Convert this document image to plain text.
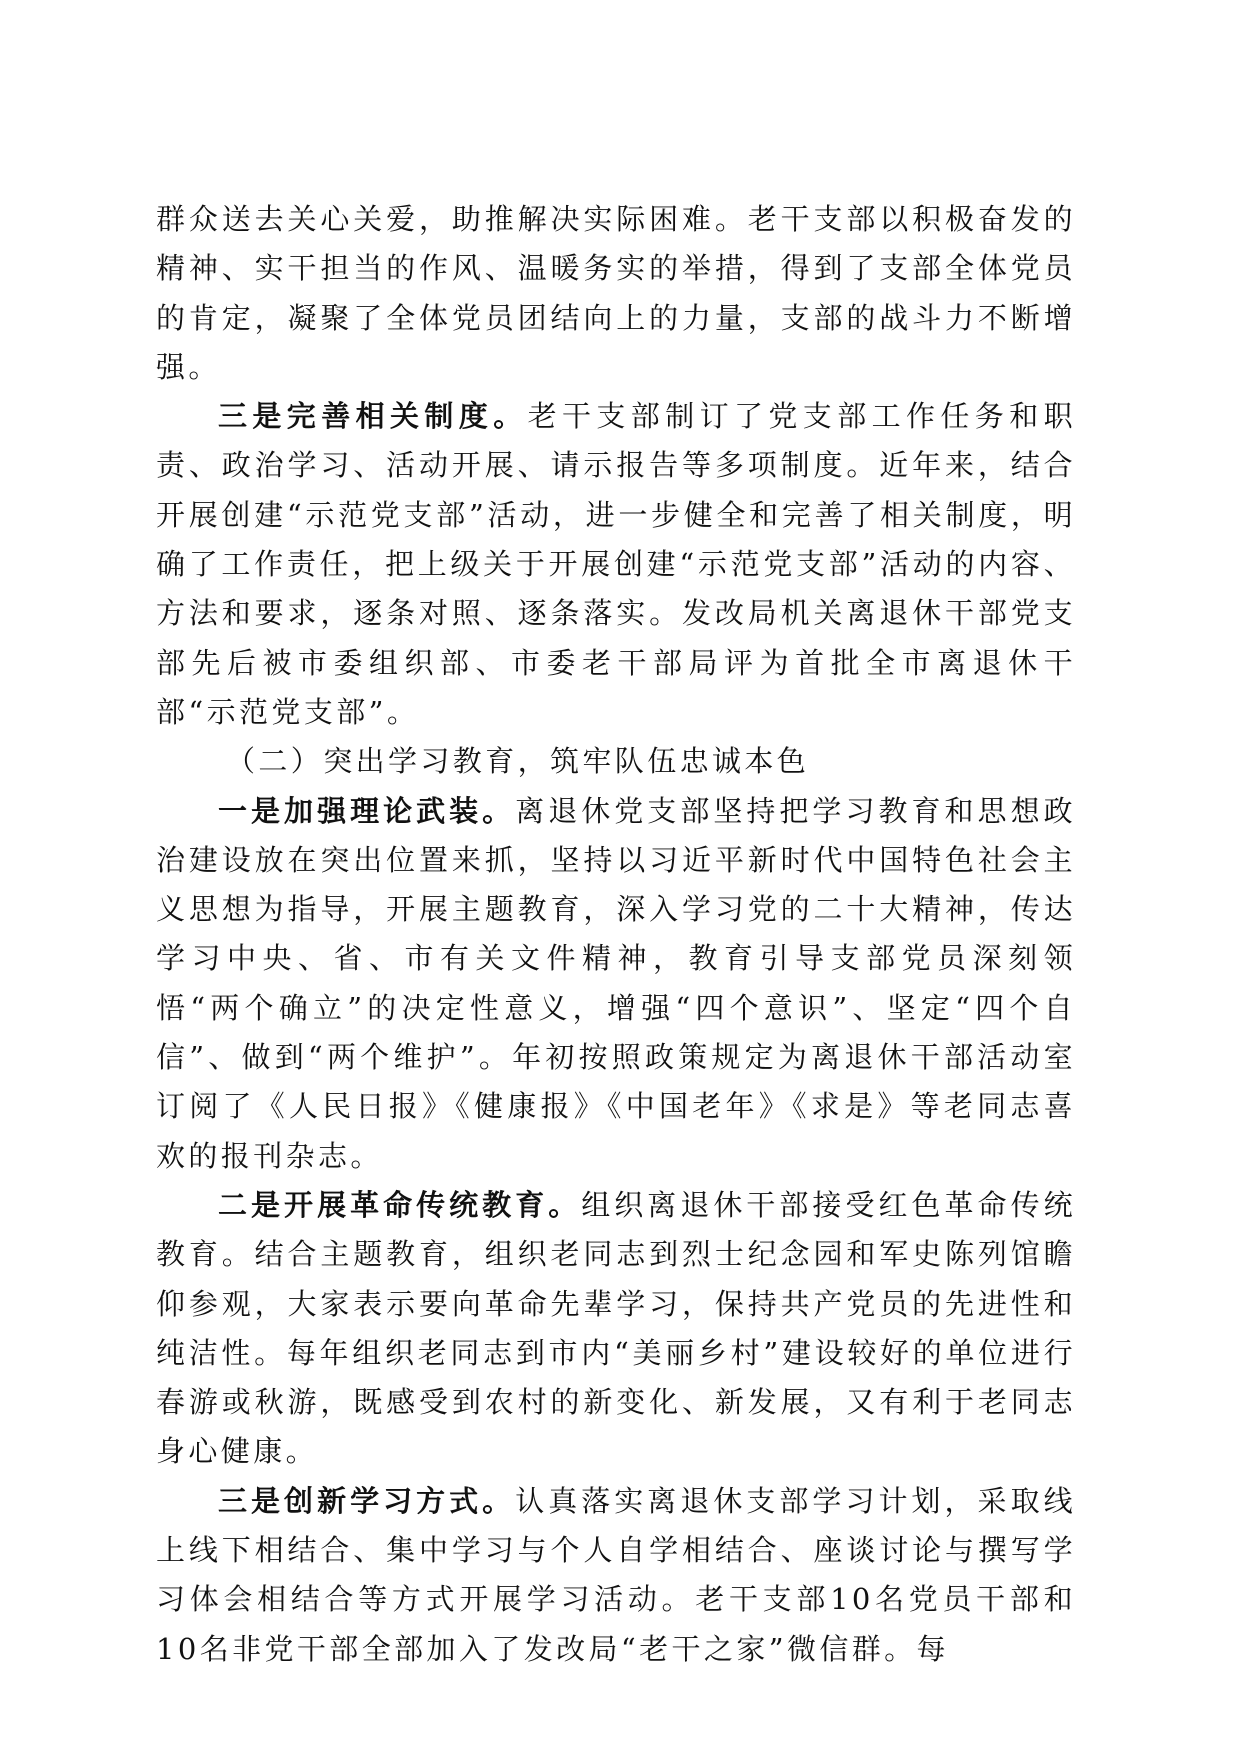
群众送去关心关爱，助推解决实际困难。老干支部以积极奋发的精神、实干担当的作风、温暖务实的举措，得到了支部全体党员的肯定，凝聚了全体党员团结向上的力量，支部的战斗力不断增强。

三是完善相关制度。老干支部制订了党支部工作任务和职责、政治学习、活动开展、请示报告等多项制度。近年来，结合开展创建“示范党支部”活动，进一步健全和完善了相关制度，明确了工作责任，把上级关于开展创建“示范党支部”活动的内容、方法和要求，逐条对照、逐条落实。发改局机关离退休干部党支部先后被市委组织部、市委老干部局评为首批全市离退休干部“示范党支部”。

（二）突出学习教育，筑牢队伍忠诚本色

一是加强理论武装。离退休党支部坚持把学习教育和思想政治建设放在突出位置来抓，坚持以习近平新时代中国特色社会主义思想为指导，开展主题教育，深入学习党的二十大精神，传达学习中央、省、市有关文件精神，教育引导支部党员深刻领悟“两个确立”的决定性意义，增强“四个意识”、坚定“四个自信”、做到“两个维护”。年初按照政策规定为离退休干部活动室订阅了《人民日报》《健康报》《中国老年》《求是》等老同志喜欢的报刊杂志。

二是开展革命传统教育。组织离退休干部接受红色革命传统教育。结合主题教育，组织老同志到烈士纪念园和军史陈列馆瞻仰参观，大家表示要向革命先辈学习，保持共产党员的先进性和纯洁性。每年组织老同志到市内“美丽乡村”建设较好的单位进行春游或秋游，既感受到农村的新变化、新发展，又有利于老同志身心健康。

三是创新学习方式。认真落实离退休支部学习计划，采取线上线下相结合、集中学习与个人自学相结合、座谈讨论与撰写学习体会相结合等方式开展学习活动。老干支部10名党员干部和10名非党干部全部加入了发改局“老干之家”微信群。每
